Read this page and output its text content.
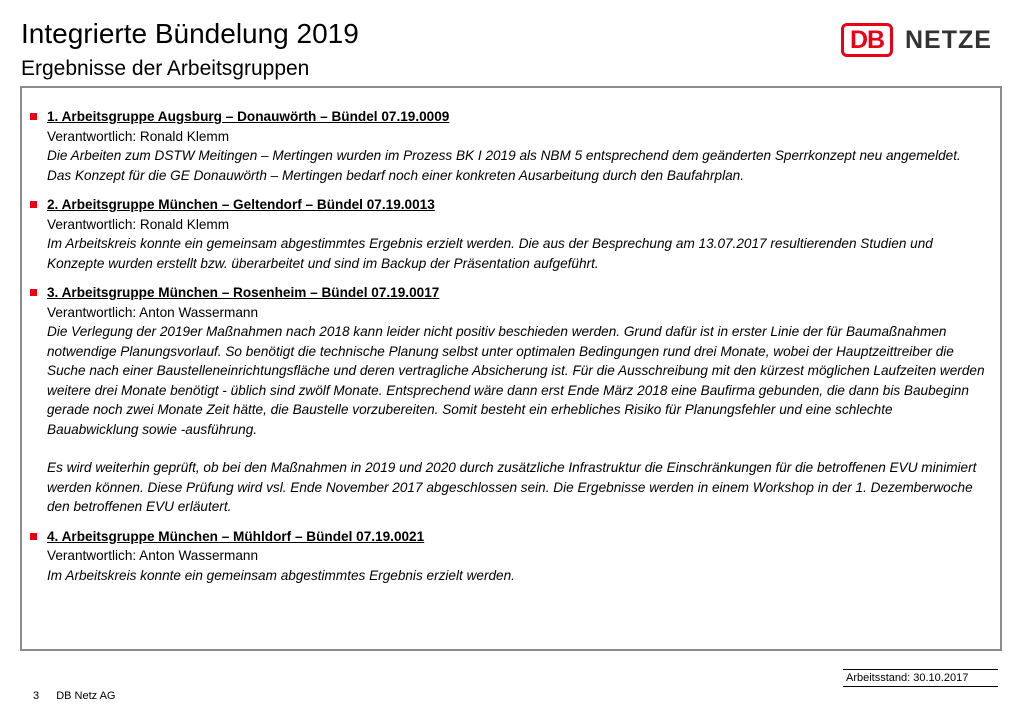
Integrierte Bündelung 2019
Ergebnisse der Arbeitsgruppen
DB NETZE
1. Arbeitsgruppe Augsburg – Donauwörth – Bündel 07.19.0009
Verantwortlich: Ronald Klemm
Die Arbeiten zum DSTW Meitingen – Mertingen wurden im Prozess BK I 2019 als NBM 5 entsprechend dem geänderten Sperrkonzept neu angemeldet. Das Konzept für die GE Donauwörth – Mertingen bedarf noch einer konkreten Ausarbeitung durch den Baufahrplan.
2. Arbeitsgruppe München – Geltendorf – Bündel 07.19.0013
Verantwortlich: Ronald Klemm
Im Arbeitskreis konnte ein gemeinsam abgestimmtes Ergebnis erzielt werden. Die aus der Besprechung am 13.07.2017 resultierenden Studien und Konzepte wurden erstellt bzw. überarbeitet und sind im Backup der Präsentation aufgeführt.
3. Arbeitsgruppe München – Rosenheim – Bündel 07.19.0017
Verantwortlich: Anton Wassermann
Die Verlegung der 2019er Maßnahmen nach 2018 kann leider nicht positiv beschieden werden. Grund dafür ist in erster Linie der für Baumaßnahmen notwendige Planungsvorlauf. So benötigt die technische Planung selbst unter optimalen Bedingungen rund drei Monate, wobei der Hauptzeittreiber die Suche nach einer Baustelleneinrichtungsfläche und deren vertragliche Absicherung ist. Für die Ausschreibung mit den kürzest möglichen Laufzeiten werden weitere drei Monate benötigt - üblich sind zwölf Monate. Entsprechend wäre dann erst Ende März 2018 eine Baufirma gebunden, die dann bis Baubeginn gerade noch zwei Monate Zeit hätte, die Baustelle vorzubereiten. Somit besteht ein erhebliches Risiko für Planungsfehler und eine schlechte Bauabwicklung sowie -ausführung.
Es wird weiterhin geprüft, ob bei den Maßnahmen in 2019 und 2020 durch zusätzliche Infrastruktur die Einschränkungen für die betroffenen EVU minimiert werden können. Diese Prüfung wird vsl. Ende November 2017 abgeschlossen sein. Die Ergebnisse werden in einem Workshop in der 1. Dezemberwoche den betroffenen EVU erläutert.
4. Arbeitsgruppe München – Mühldorf – Bündel 07.19.0021
Verantwortlich: Anton Wassermann
Im Arbeitskreis konnte ein gemeinsam abgestimmtes Ergebnis erzielt werden.
Arbeitsstand: 30.10.2017
3 DB Netz AG
